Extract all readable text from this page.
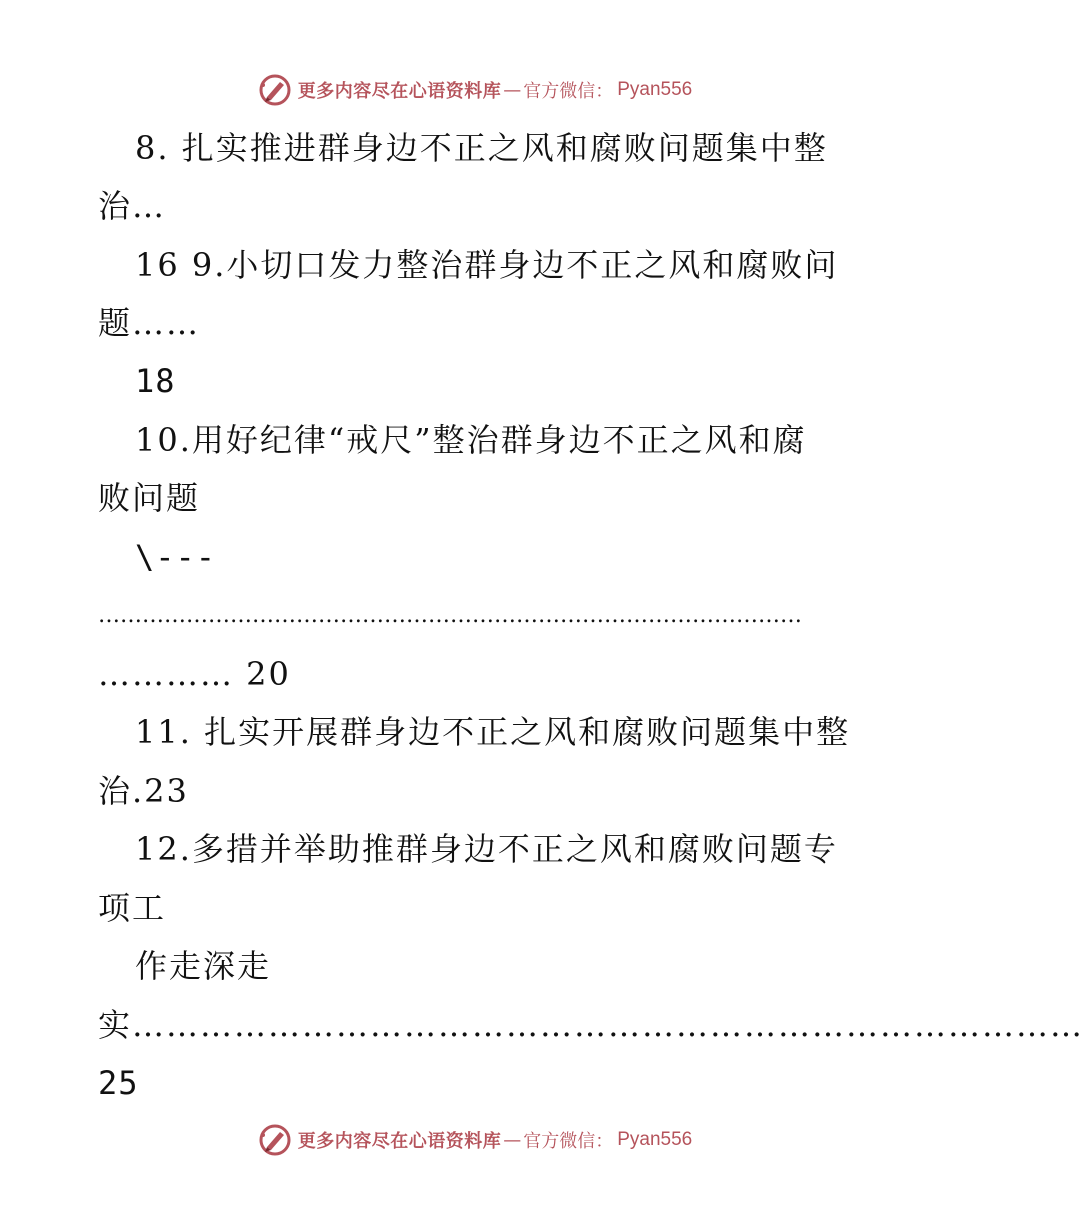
更多内容尽在心语资料库 — 官方微信： Pyan556
8. 扎实推进群身边不正之风和腐败问题集中整
治…
16 9.小切口发力整治群身边不正之风和腐败问
题……
18
10.用好纪律“戒尺”整治群身边不正之风和腐
败问题
\---
……………………………………………………………………………………
………… 20
11. 扎实开展群身边不正之风和腐败问题集中整
治.23
12.多措并举助推群身边不正之风和腐败问题专
项工
作走深走
实…………………………………………………………………………
25
更多内容尽在心语资料库 — 官方微信： Pyan556
